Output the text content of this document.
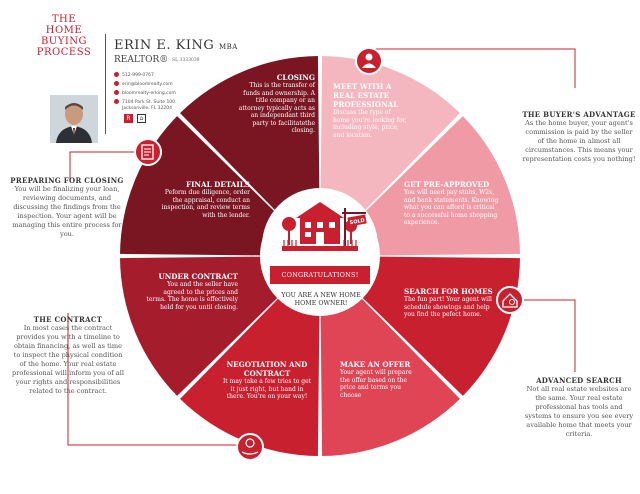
THE
HOME BUYING
PROCESS	ERIN E. KING MBA
REALTOR® SL 3333039
512-999-0767
erin@bloomrealty.com
bloomrealty-erking.com
7104 Park St. Suite 100
Jacksonville, FL 32204
R	⌂
SOLD
CONGRATULATIONS!
YOU ARE A NEW HOME
HOME OWNER!
CLOSING
This is the transfer of funds and ownership. A title company or an attorney typically acts as an independant third party to facilitatethe closing.
MEET WITH A REAL ESTATE PROFESSIONAL
Discuss the type of home you're looking for, including style, price, and location.
GET PRE-APPROVED
You will need pay stubs, W2s, and bank statements. Knowing what you can afford is critical to a successful home shopping experience.
SEARCH FOR HOMES
The fun part! Your agent will schedule showings and help you find the pefect home.
MAKE AN OFFER
Your agent will prepare the offer based on the price and terms you choose
NEGOTIATION AND CONTRACT
It may take a few tries to get it just right, but hand in there. You're on your way!
UNDER CONTRACT
You and the seller have agreed to the prices and terms. The home is effectively held for you until closing.
FINAL DETAILS
Peform due diligence, order the appraisal, conduct an inspection, and review terms with the lender.
THE BUYER'S ADVANTAGE
As the home buyer, your agent's commission is paid by the seller of the home in almost all circumstances. This means your representation costs you nothing!
PREPARING FOR CLOSING
You will be finalizing your loan, reviewing documents, and discussing the findings from the inspection. Your agent will be managing this entire process for you.
THE CONTRACT
In most cases the contract provides you with a timeline to obtain financing, as well as time to inspect the physical condition of the home. Your real estate professional will inform you of all your rights and responsibilities related to the contract.
ADVANCED SEARCH
Not all real estate websites are the same. Your real estate professional has tools and systems to ensure you see every available home that meets your criteria.
